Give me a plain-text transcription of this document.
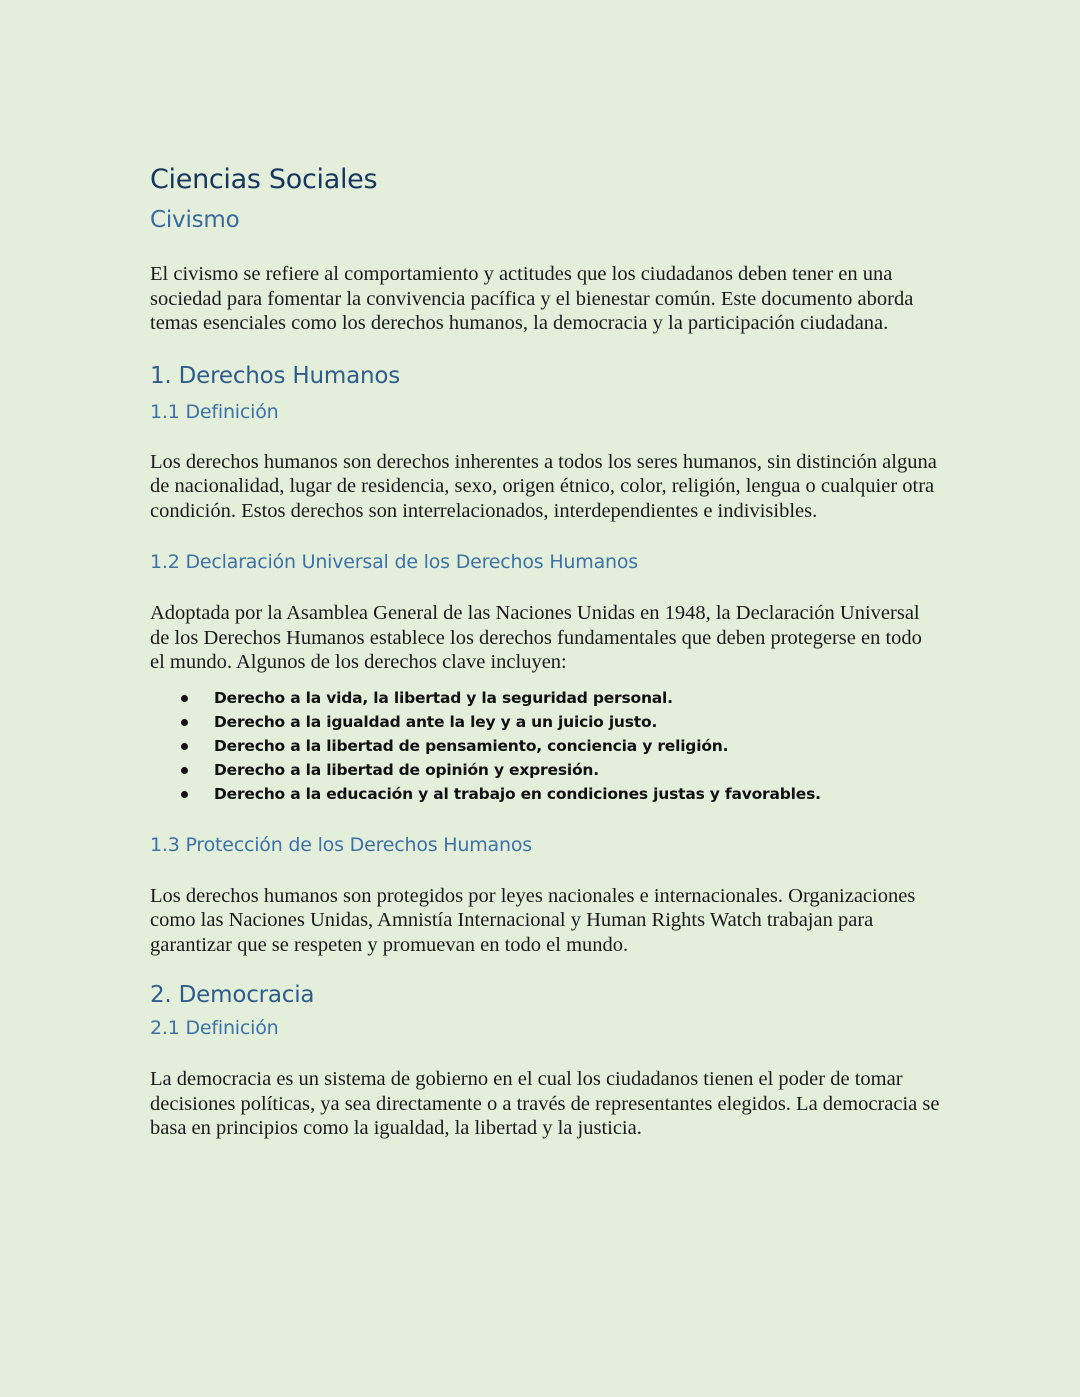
Ciencias Sociales
Civismo

El civismo se refiere al comportamiento y actitudes que los ciudadanos deben tener en una sociedad para fomentar la convivencia pacífica y el bienestar común. Este documento aborda temas esenciales como los derechos humanos, la democracia y la participación ciudadana.

1. Derechos Humanos
1.1 Definición

Los derechos humanos son derechos inherentes a todos los seres humanos, sin distinción alguna de nacionalidad, lugar de residencia, sexo, origen étnico, color, religión, lengua o cualquier otra condición. Estos derechos son interrelacionados, interdependientes e indivisibles.

1.2 Declaración Universal de los Derechos Humanos

Adoptada por la Asamblea General de las Naciones Unidas en 1948, la Declaración Universal de los Derechos Humanos establece los derechos fundamentales que deben protegerse en todo el mundo. Algunos de los derechos clave incluyen:

Derecho a la vida, la libertad y la seguridad personal.
Derecho a la igualdad ante la ley y a un juicio justo.
Derecho a la libertad de pensamiento, conciencia y religión.
Derecho a la libertad de opinión y expresión.
Derecho a la educación y al trabajo en condiciones justas y favorables.
1.3 Protección de los Derechos Humanos

Los derechos humanos son protegidos por leyes nacionales e internacionales. Organizaciones como las Naciones Unidas, Amnistía Internacional y Human Rights Watch trabajan para garantizar que se respeten y promuevan en todo el mundo.

2. Democracia
2.1 Definición

La democracia es un sistema de gobierno en el cual los ciudadanos tienen el poder de tomar decisiones políticas, ya sea directamente o a través de representantes elegidos. La democracia se basa en principios como la igualdad, la libertad y la justicia.
